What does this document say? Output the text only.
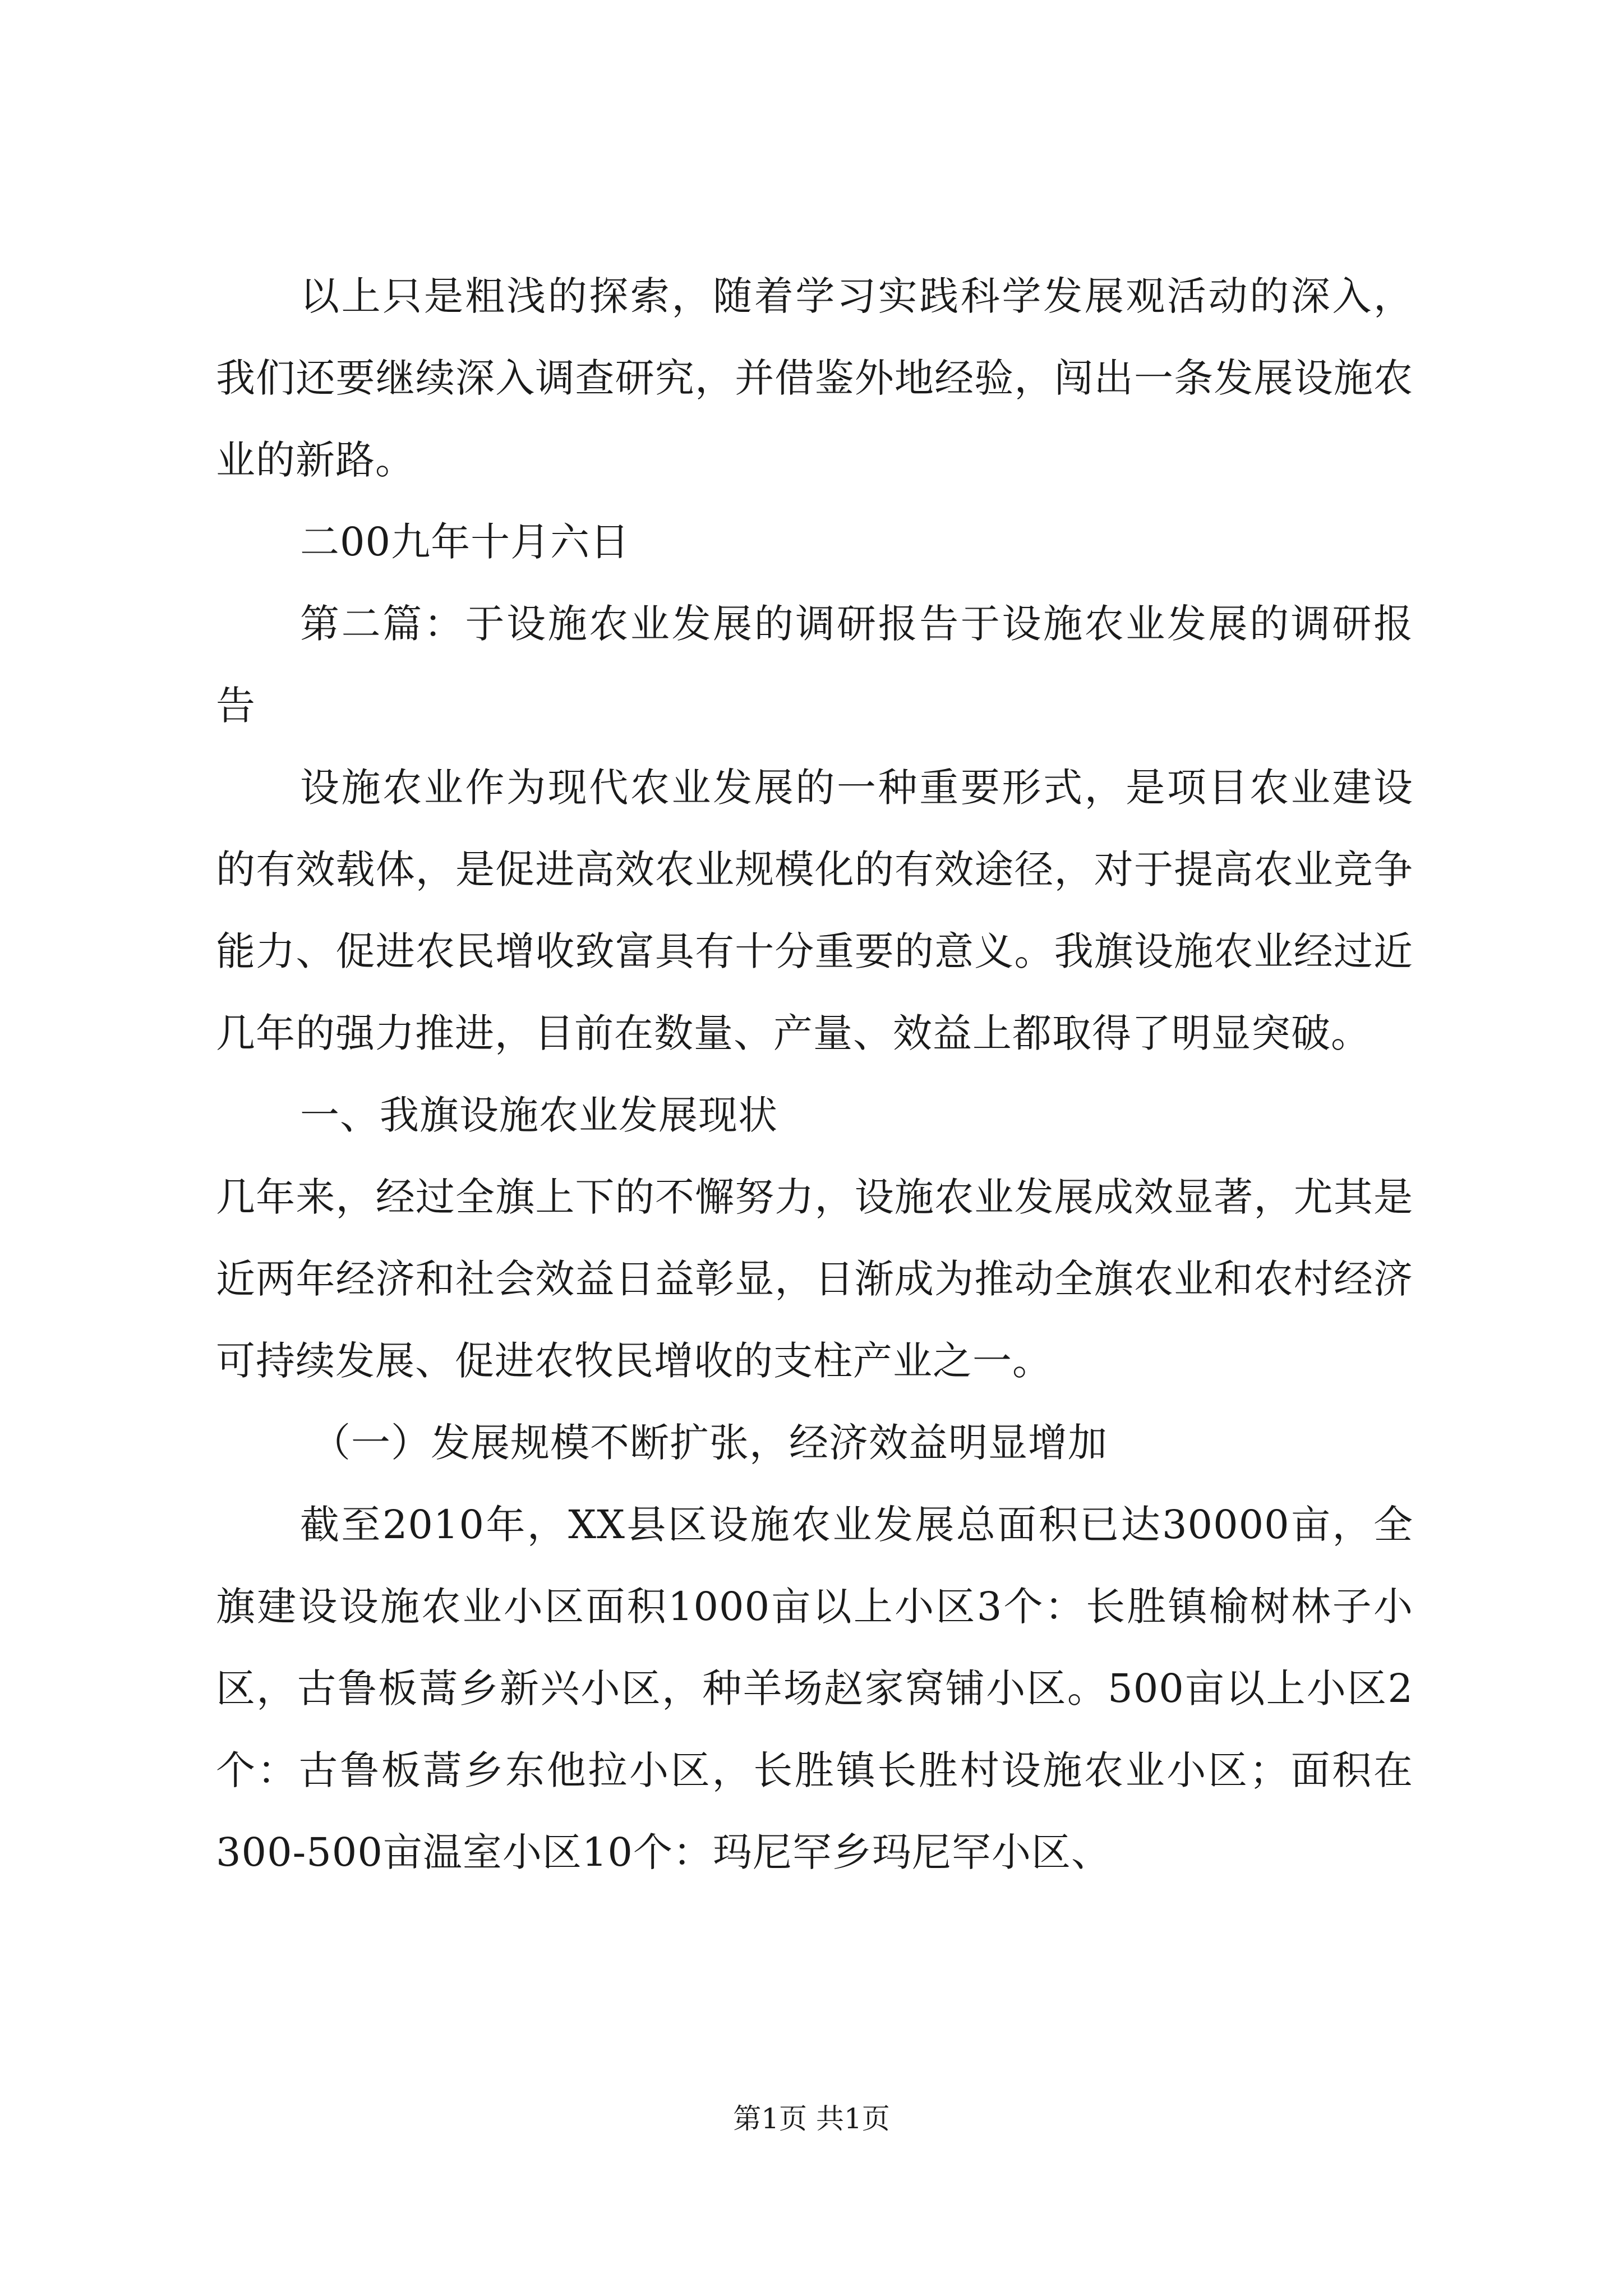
以上只是粗浅的探索，随着学习实践科学发展观活动的深入，我们还要继续深入调查研究，并借鉴外地经验，闯出一条发展设施农业的新路。

二00九年十月六日

第二篇：于设施农业发展的调研报告于设施农业发展的调研报告

设施农业作为现代农业发展的一种重要形式，是项目农业建设的有效载体，是促进高效农业规模化的有效途径，对于提高农业竞争能力、促进农民增收致富具有十分重要的意义。我旗设施农业经过近几年的强力推进，目前在数量、产量、效益上都取得了明显突破。

一、我旗设施农业发展现状

几年来，经过全旗上下的不懈努力，设施农业发展成效显著，尤其是近两年经济和社会效益日益彰显，日渐成为推动全旗农业和农村经济可持续发展、促进农牧民增收的支柱产业之一。

（一）发展规模不断扩张，经济效益明显增加

截至2010年，XX县区设施农业发展总面积已达30000亩，全旗建设设施农业小区面积1000亩以上小区3个：长胜镇榆树林子小区，古鲁板蒿乡新兴小区，种羊场赵家窝铺小区。500亩以上小区2个：古鲁板蒿乡东他拉小区，长胜镇长胜村设施农业小区；面积在300-500亩温室小区10个：玛尼罕乡玛尼罕小区、

第1页 共1页
